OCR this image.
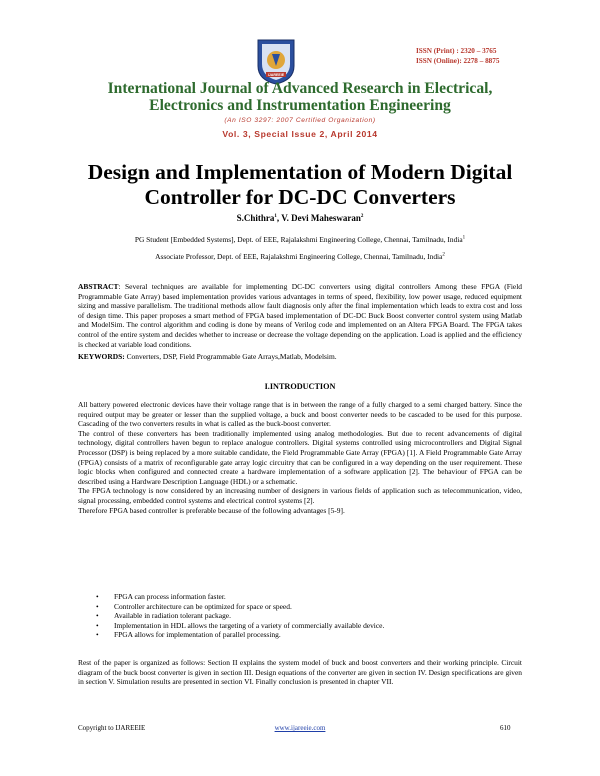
IJAREEIE
ISSN (Print) : 2320 – 3765
ISSN (Online): 2278 – 8875
International Journal of Advanced Research in Electrical,
Electronics and Instrumentation Engineering
(An ISO 3297: 2007 Certified Organization)
Vol. 3, Special Issue 2, April 2014
Design and Implementation of Modern Digital
Controller for DC-DC Converters
S.Chithra$^1$, V. Devi Maheswaran$^2$
PG Student [Embedded Systems], Dept. of EEE, Rajalakshmi Engineering College, Chennai, Tamilnadu, India$^1$
Associate Professor, Dept. of EEE, Rajalakshmi Engineering College, Chennai, Tamilnadu, India$^2$
ABSTRACT: Several techniques are available for implementing DC-DC converters using digital controllers Among these FPGA (Field Programmable Gate Array) based implementation provides various advantages in terms of speed, flexibility, low power usage, reduced equipment sizing and massive parallelism. The traditional methods allow fault diagnosis only after the final implementation which leads to extra cost and loss of design time. This paper proposes a smart method of FPGA based implementation of DC-DC Buck Boost converter control system using Matlab and ModelSim. The control algorithm and coding is done by means of Verilog code and implemented on an Altera FPGA Board. The FPGA takes control of the entire system and decides whether to increase or decrease the voltage depending on the application. Load is applied and the efficiency is checked at variable load conditions.
KEYWORDS: Converters, DSP, Field Programmable Gate Arrays,Matlab, Modelsim.
I.INTRODUCTION

All battery powered electronic devices have their voltage range that is in between the range of a fully charged to a semi charged battery. Since the required output may be greater or lesser than the supplied voltage, a buck and boost converter needs to be cascaded to be used for this purpose. Cascading of the two converters results in what is called as the buck-boost converter.

The control of these converters has been traditionally implemented using analog methodologies. But due to recent advancements of digital technology, digital controllers haven begun to replace analogue controllers. Digital systems controlled using microcontrollers and Digital Signal Processor (DSP) is being replaced by a more suitable candidate, the Field Programmable Gate Array (FPGA) [1]. A Field Programmable Gate Array (FPGA) consists of a matrix of reconfigurable gate array logic circuitry that can be configured in a way depending on the user requirement. These logic blocks when configured and connected create a hardware implementation of a software application [2]. The behaviour of FPGA can be described using a Hardware Description Language (HDL) or a schematic.

The FPGA technology is now considered by an increasing number of designers in various fields of application such as telecommunication, video, signal processing, embedded control systems and electrical control systems [2].

Therefore FPGA based controller is preferable because of the following advantages [5-9].

• FPGA can process information faster.
• Controller architecture can be optimized for space or speed.
• Available in radiation tolerant package.
• Implementation in HDL allows the targeting of a variety of commercially available device.
• FPGA allows for implementation of parallel processing.
Rest of the paper is organized as follows: Section II explains the system model of buck and boost converters and their working principle. Circuit diagram of the buck boost converter is given in section III. Design equations of the converter are given in section IV. Design specifications are given in section V. Simulation results are presented in section VI. Finally conclusion is presented in chapter VII.
Copyright to IJAREEIE	www.ijareeie.com	610
